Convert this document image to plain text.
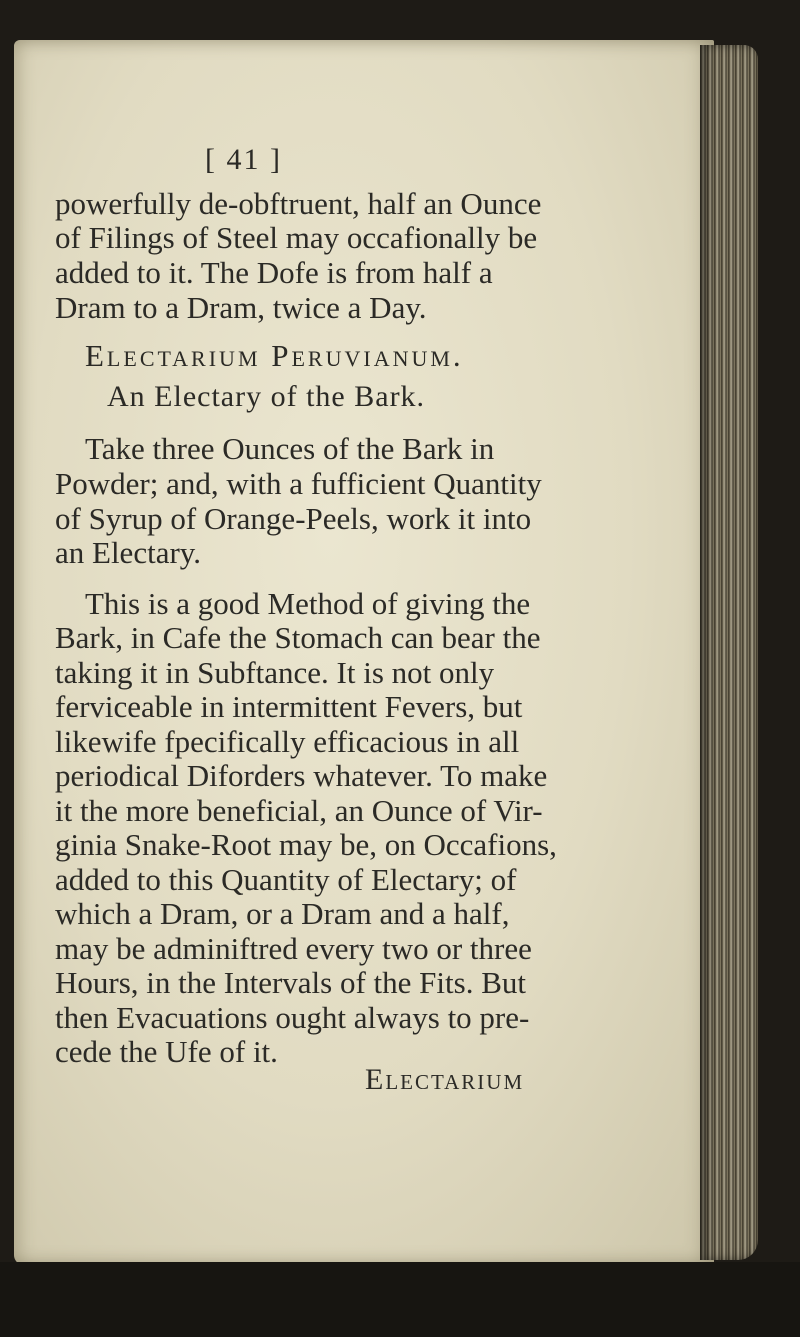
[ 41 ]
powerfully de-obftruent, half an Ounce
of Filings of Steel may occafionally be
added to it. The Dofe is from half a
Dram to a Dram, twice a Day.
Electarium Peruvianum.
An Electary of the Bark.
Take three Ounces of the Bark in
Powder; and, with a fufficient Quantity
of Syrup of Orange-Peels, work it into
an Electary.
This is a good Method of giving the
Bark, in Cafe the Stomach can bear the
taking it in Subftance. It is not only
ferviceable in intermittent Fevers, but
likewife fpecifically efficacious in all
periodical Diforders whatever. To make
it the more beneficial, an Ounce of Vir-
ginia Snake-Root may be, on Occafions,
added to this Quantity of Electary; of
which a Dram, or a Dram and a half,
may be adminiftred every two or three
Hours, in the Intervals of the Fits. But
then Evacuations ought always to pre-
cede the Ufe of it.
Electarium
